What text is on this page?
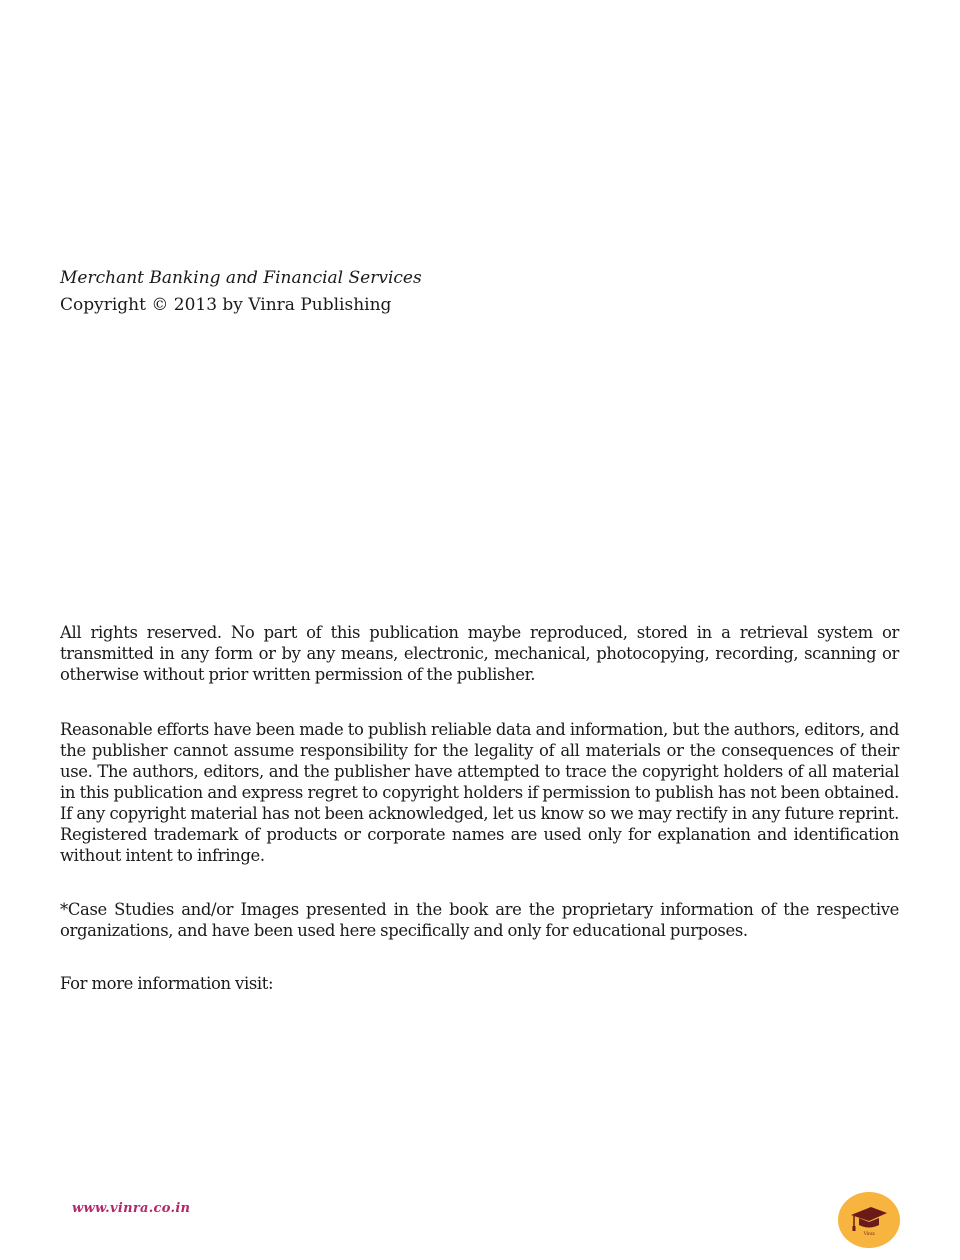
Merchant Banking and Financial Services
Copyright © 2013 by Vinra Publishing

All rights reserved. No part of this publication maybe reproduced, stored in a retrieval system or transmitted in any form or by any means, electronic, mechanical, photocopying, recording, scanning or otherwise without prior written permission of the publisher.

Reasonable efforts have been made to publish reliable data and information, but the authors, editors, and the publisher cannot assume responsibility for the legality of all materials or the consequences of their use. The authors, editors, and the publisher have attempted to trace the copyright holders of all material in this publication and express regret to copyright holders if permission to publish has not been obtained. If any copyright material has not been acknowledged, let us know so we may rectify in any future reprint. Registered trademark of products or corporate names are used only for explanation and identification without intent to infringe.

*Case Studies and/or Images presented in the book are the proprietary information of the respective organizations, and have been used here specifically and only for educational purposes.

For more information visit:

www.vinra.co.in
Vinra
